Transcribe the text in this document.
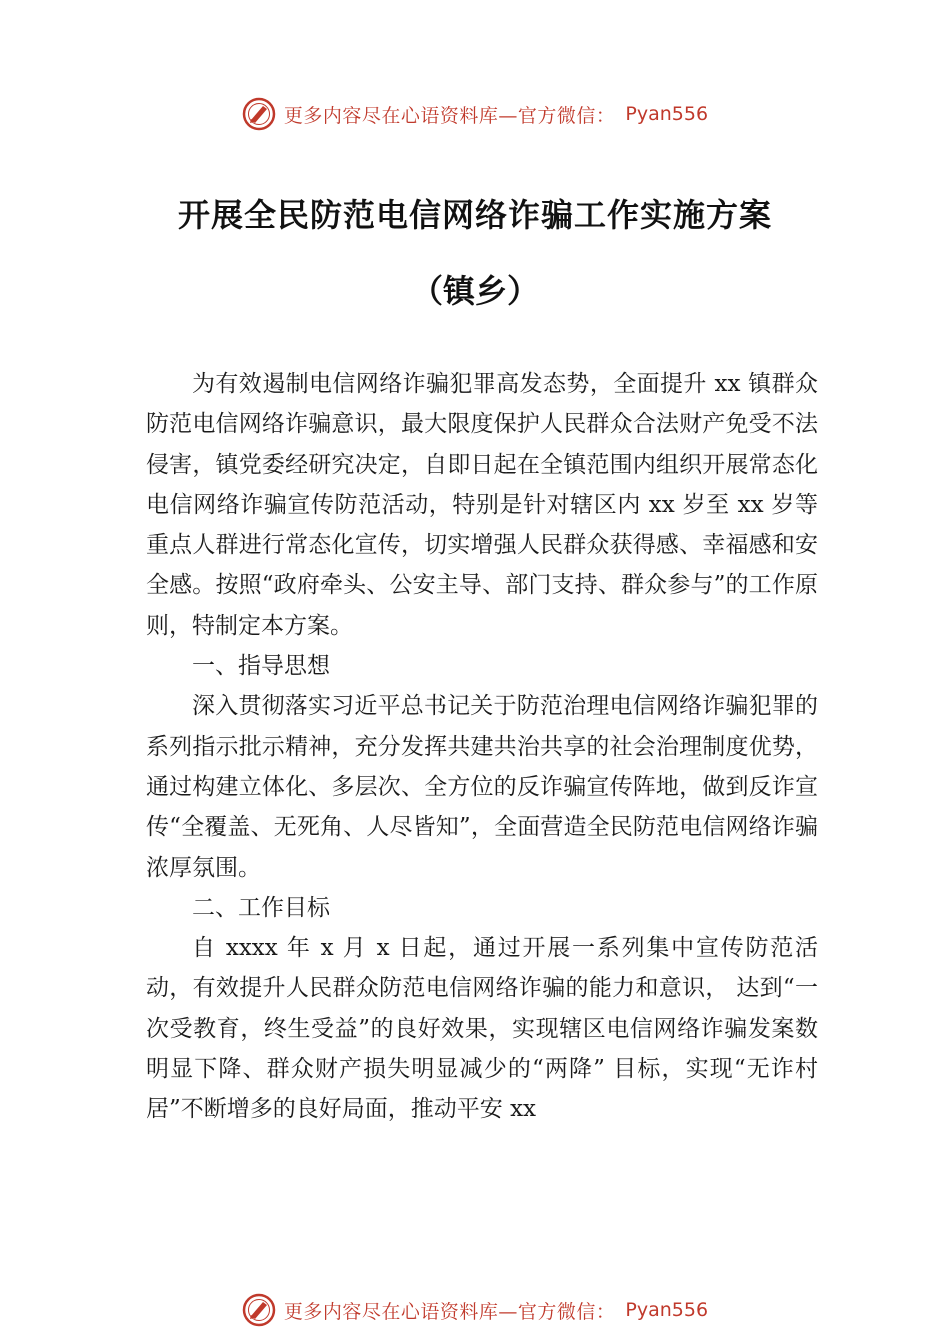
更多内容尽在心语资料库—官方微信： Pyan556
开展全民防范电信网络诈骗工作实施方案
（镇乡）

为有效遏制电信网络诈骗犯罪高发态势，全面提升 xx 镇群众防范电信网络诈骗意识，最大限度保护人民群众合法财产免受不法侵害，镇党委经研究决定，自即日起在全镇范围内组织开展常态化电信网络诈骗宣传防范活动，特别是针对辖区内 xx 岁至 xx 岁等重点人群进行常态化宣传，切实增强人民群众获得感、幸福感和安全感。按照“政府牵头、公安主导、部门支持、群众参与”的工作原则，特制定本方案。

一、指导思想

深入贯彻落实习近平总书记关于防范治理电信网络诈骗犯罪的系列指示批示精神，充分发挥共建共治共享的社会治理制度优势，通过构建立体化、多层次、全方位的反诈骗宣传阵地，做到反诈宣传“全覆盖、无死角、人尽皆知”，全面营造全民防范电信网络诈骗浓厚氛围。

二、工作目标

自 xxxx 年 x 月 x 日起，通过开展一系列集中宣传防范活动，有效提升人民群众防范电信网络诈骗的能力和意识， 达到“一次受教育，终生受益”的良好效果，实现辖区电信网络诈骗发案数明显下降、群众财产损失明显减少的“两降” 目标，实现“无诈村居”不断增多的良好局面，推动平安 xx

更多内容尽在心语资料库—官方微信： Pyan556
